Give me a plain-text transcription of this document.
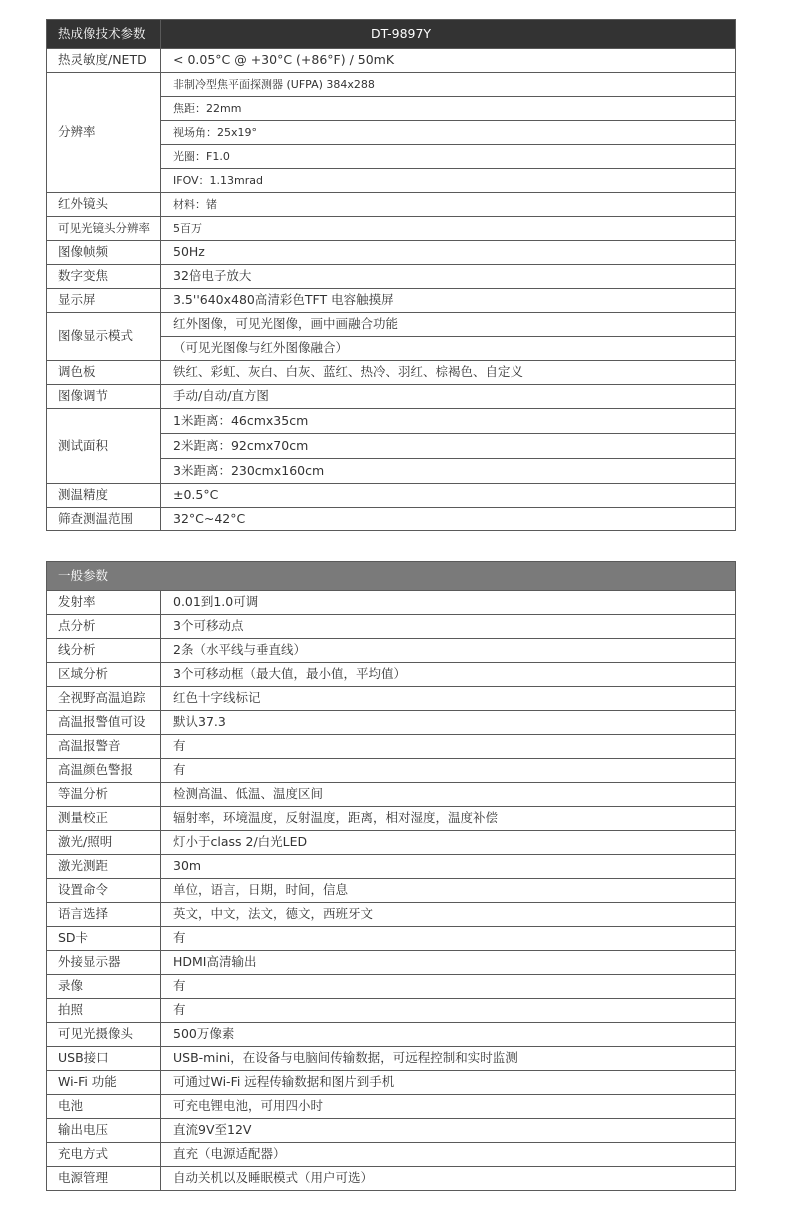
热成像技术参数	DT-9897Y
热灵敏度/NETD	< 0.05°C @ +30°C (+86°F) / 50mK
分辨率	非制冷型焦平面探测器 (UFPA) 384x288
	焦距：22mm
	视场角：25x19°
	光圈：F1.0
	IFOV：1.13mrad
红外镜头	材料：锗
可见光镜头分辨率	5百万
图像帧频	50Hz
数字变焦	32倍电子放大
显示屏	3.5''640x480高清彩色TFT 电容触摸屏
图像显示模式	红外图像，可见光图像，画中画融合功能
	（可见光图像与红外图像融合）
调色板	铁红、彩虹、灰白、白灰、蓝红、热冷、羽红、棕褐色、自定义
图像调节	手动/自动/直方图
测试面积	1米距离：46cmx35cm
	2米距离：92cmx70cm
	3米距离：230cmx160cm
测温精度	±0.5°C
筛查测温范围	32°C~42°C
一般参数	
发射率	0.01到1.0可调
点分析	3个可移动点
线分析	2条（水平线与垂直线）
区域分析	3个可移动框（最大值，最小值，平均值）
全视野高温追踪	红色十字线标记
高温报警值可设	默认37.3
高温报警音	有
高温颜色警报	有
等温分析	检测高温、低温、温度区间
测量校正	辐射率，环境温度，反射温度，距离，相对湿度，温度补偿
激光/照明	灯小于class 2/白光LED
激光测距	30m
设置命令	单位，语言，日期，时间，信息
语言选择	英文，中文，法文，德文，西班牙文
SD卡	有
外接显示器	HDMI高清输出
录像	有
拍照	有
可见光摄像头	500万像素
USB接口	USB-mini，在设备与电脑间传输数据，可远程控制和实时监测
Wi-Fi 功能	可通过Wi-Fi 远程传输数据和图片到手机
电池	可充电锂电池，可用四小时
输出电压	直流9V至12V
充电方式	直充（电源适配器）
电源管理	自动关机以及睡眠模式（用户可选）
